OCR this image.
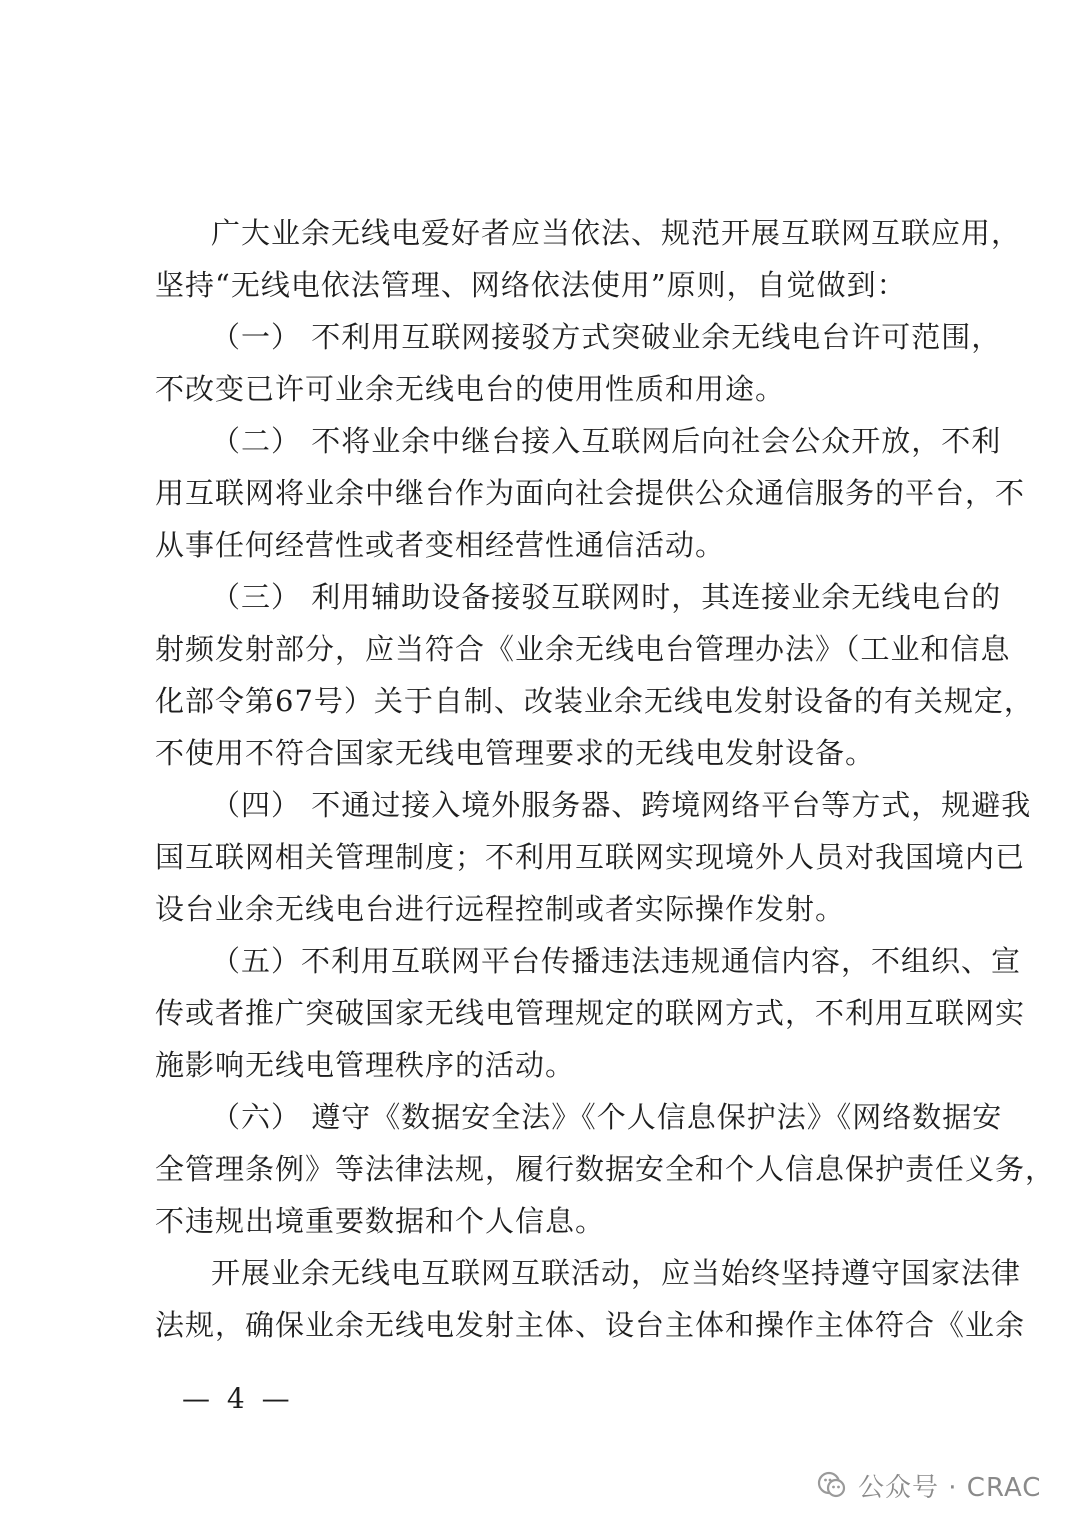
广大业余无线电爱好者应当依法、规范开展互联网互联应用，
坚持“无线电依法管理、网络依法使用”原则，自觉做到：

（一） 不利用互联网接驳方式突破业余无线电台许可范围，
不改变已许可业余无线电台的使用性质和用途。

（二） 不将业余中继台接入互联网后向社会公众开放，不利
用互联网将业余中继台作为面向社会提供公众通信服务的平台，不
从事任何经营性或者变相经营性通信活动。

（三） 利用辅助设备接驳互联网时，其连接业余无线电台的
射频发射部分，应当符合《业余无线电台管理办法》（工业和信息
化部令第67号）关于自制、改装业余无线电发射设备的有关规定，
不使用不符合国家无线电管理要求的无线电发射设备。

（四） 不通过接入境外服务器、跨境网络平台等方式，规避我
国互联网相关管理制度；不利用互联网实现境外人员对我国境内已
设台业余无线电台进行远程控制或者实际操作发射。

（五）不利用互联网平台传播违法违规通信内容，不组织、宣
传或者推广突破国家无线电管理规定的联网方式，不利用互联网实
施影响无线电管理秩序的活动。

（六） 遵守《数据安全法》《个人信息保护法》《网络数据安
全管理条例》等法律法规，履行数据安全和个人信息保护责任义务，
不违规出境重要数据和个人信息。

开展业余无线电互联网互联活动，应当始终坚持遵守国家法律
法规，确保业余无线电发射主体、设台主体和操作主体符合《业余

— 4 —
公众号 · CRAC
